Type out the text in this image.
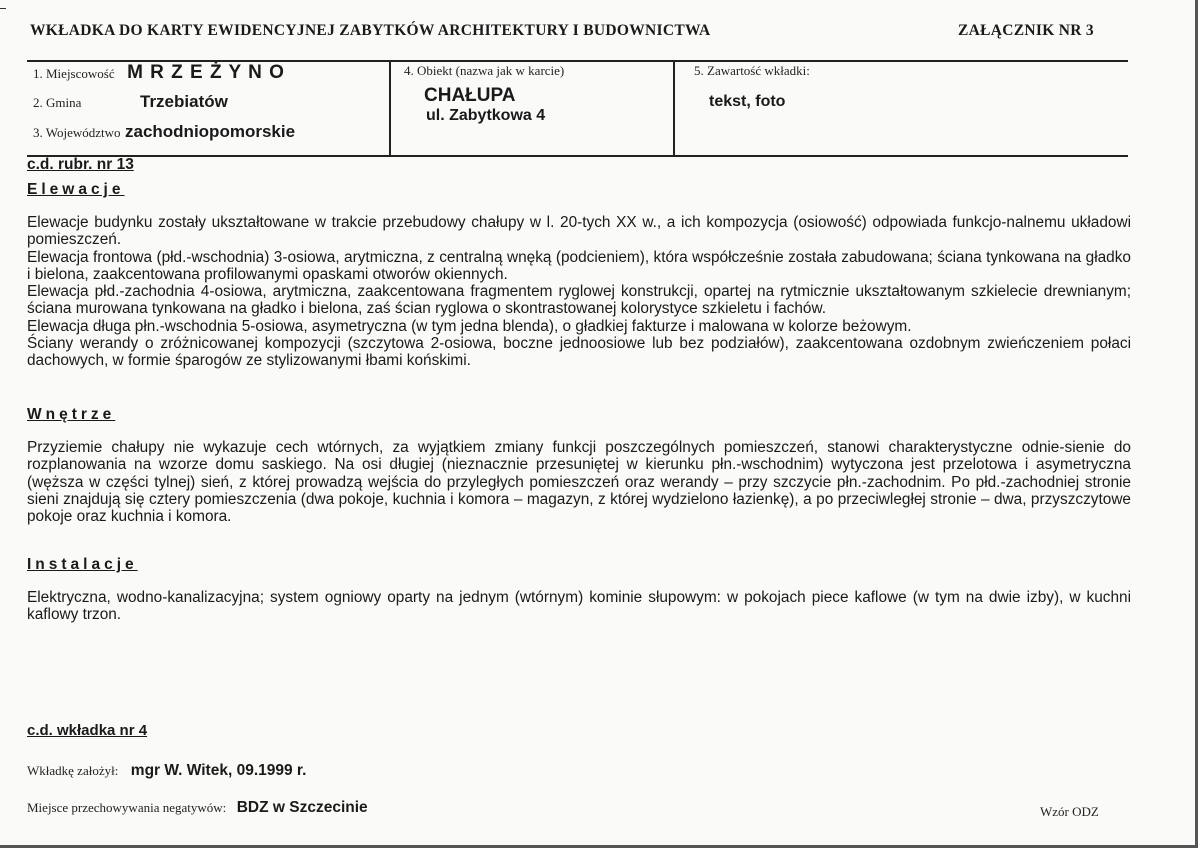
WKŁADKA DO KARTY EWIDENCYJNEJ ZABYTKÓW ARCHITEKTURY I BUDOWNICTWA	ZAŁĄCZNIK NR 3
1. Miejscowość M R Z E Ż Y N O
2. Gmina	Trzebiatów
3. Województwo zachodniopomorskie
4. Obiekt (nazwa jak w karcie)
CHAŁUPA
ul. Zabytkowa 4
5. Zawartość wkładki:
tekst, foto
c.d. rubr. nr 13
Elewacje

Elewacje budynku zostały ukształtowane w trakcie przebudowy chałupy w l. 20-tych XX w., a ich kompozycja (osiowość) odpowiada funkcjo-nalnemu układowi pomieszczeń.

Elewacja frontowa (płd.-wschodnia) 3-osiowa, arytmiczna, z centralną wnęką (podcieniem), która współcześnie została zabudowana; ściana tynkowana na gładko i bielona, zaakcentowana profilowanymi opaskami otworów okiennych.

Elewacja płd.-zachodnia 4-osiowa, arytmiczna, zaakcentowana fragmentem ryglowej konstrukcji, opartej na rytmicznie ukształtowanym szkielecie drewnianym; ściana murowana tynkowana na gładko i bielona, zaś ścian ryglowa o skontrastowanej kolorystyce szkieletu i fachów.

Elewacja długa płn.-wschodnia 5-osiowa, asymetryczna (w tym jedna blenda), o gładkiej fakturze i malowana w kolorze beżowym.

Ściany werandy o zróżnicowanej kompozycji (szczytowa 2-osiowa, boczne jednoosiowe lub bez podziałów), zaakcentowana ozdobnym zwieńczeniem połaci dachowych, w formie śparogów ze stylizowanymi łbami końskimi.

Wnętrze

Przyziemie chałupy nie wykazuje cech wtórnych, za wyjątkiem zmiany funkcji poszczególnych pomieszczeń, stanowi charakterystyczne odnie-sienie do rozplanowania na wzorze domu saskiego. Na osi długiej (nieznacznie przesuniętej w kierunku płn.-wschodnim) wytyczona jest przelotowa i asymetryczna (węższa w części tylnej) sień, z której prowadzą wejścia do przyległych pomieszczeń oraz werandy – przy szczycie płn.-zachodnim. Po płd.-zachodniej stronie sieni znajdują się cztery pomieszczenia (dwa pokoje, kuchnia i komora – magazyn, z której wydzielono łazienkę), a po przeciwległej stronie – dwa, przyszczytowe pokoje oraz kuchnia i komora.

Instalacje

Elektryczna, wodno-kanalizacyjna; system ogniowy oparty na jednym (wtórnym) kominie słupowym: w pokojach piece kaflowe (w tym na dwie izby), w kuchni kaflowy trzon.

c.d. wkładka nr 4
Wkładkę założył: mgr W. Witek, 09.1999 r.
Miejsce przechowywania negatywów: BDZ w Szczecinie	Wzór ODZ
